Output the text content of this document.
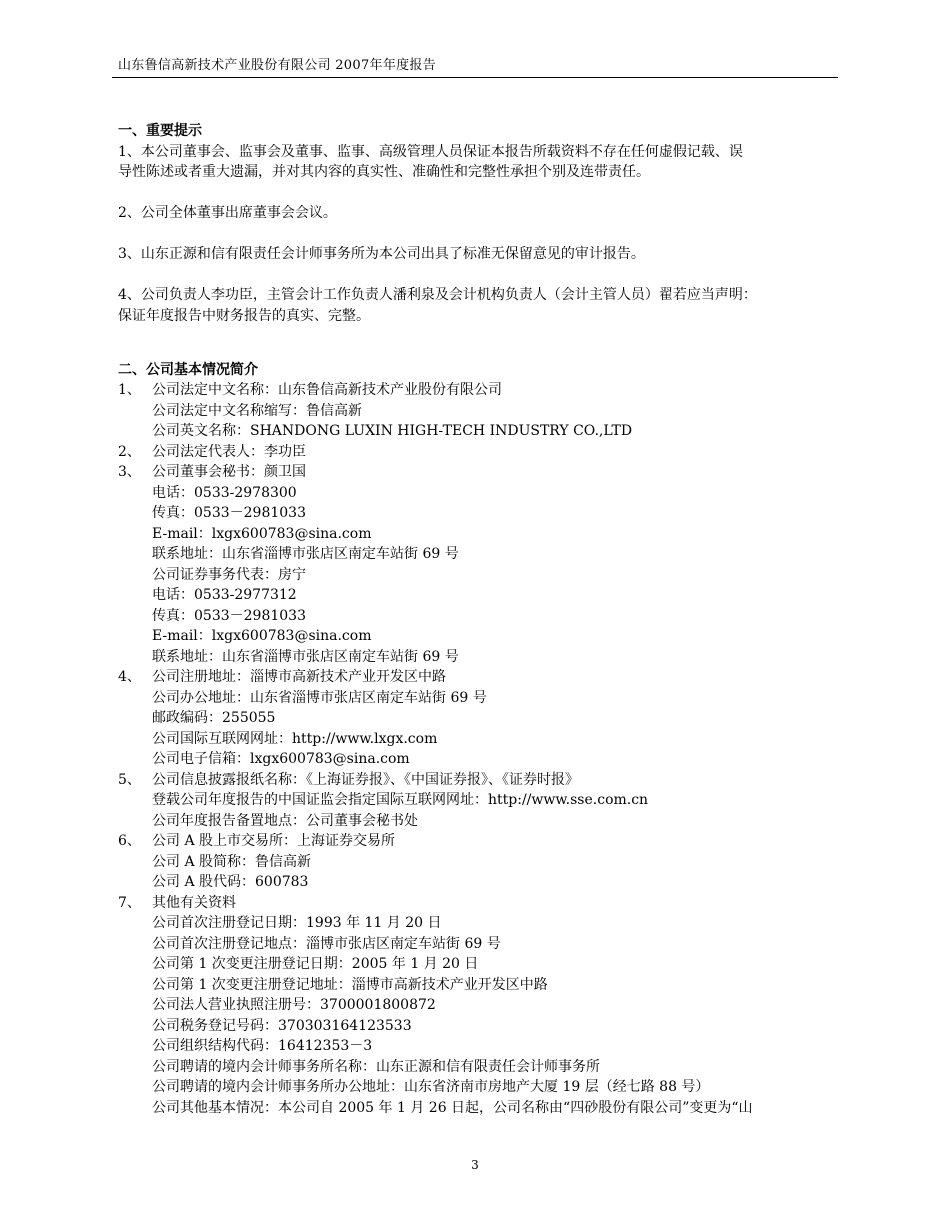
山东鲁信高新技术产业股份有限公司 2007年年度报告
一、重要提示
1、本公司董事会、监事会及董事、监事、高级管理人员保证本报告所载资料不存在任何虚假记载、误
导性陈述或者重大遗漏，并对其内容的真实性、准确性和完整性承担个别及连带责任。
2、公司全体董事出席董事会会议。
3、山东正源和信有限责任会计师事务所为本公司出具了标准无保留意见的审计报告。
4、公司负责人李功臣，主管会计工作负责人潘利泉及会计机构负责人（会计主管人员）翟若应当声明：
保证年度报告中财务报告的真实、完整。
二、公司基本情况简介
1、 公司法定中文名称：山东鲁信高新技术产业股份有限公司
公司法定中文名称缩写：鲁信高新
公司英文名称：SHANDONG LUXIN HIGH-TECH INDUSTRY CO.,LTD
2、 公司法定代表人：李功臣
3、 公司董事会秘书：颜卫国
电话：0533-2978300
传真：0533－2981033
E-mail：lxgx600783@sina.com
联系地址：山东省淄博市张店区南定车站街 69 号
公司证券事务代表：房宁
电话：0533-2977312
传真：0533－2981033
E-mail：lxgx600783@sina.com
联系地址：山东省淄博市张店区南定车站街 69 号
4、 公司注册地址：淄博市高新技术产业开发区中路
公司办公地址：山东省淄博市张店区南定车站街 69 号
邮政编码：255055
公司国际互联网网址：http://www.lxgx.com
公司电子信箱：lxgx600783@sina.com
5、 公司信息披露报纸名称：《上海证券报》、《中国证券报》、《证券时报》
登载公司年度报告的中国证监会指定国际互联网网址：http://www.sse.com.cn
公司年度报告备置地点：公司董事会秘书处
6、 公司 A 股上市交易所：上海证券交易所
公司 A 股简称：鲁信高新
公司 A 股代码：600783
7、 其他有关资料
公司首次注册登记日期：1993 年 11 月 20 日
公司首次注册登记地点：淄博市张店区南定车站街 69 号
公司第 1 次变更注册登记日期：2005 年 1 月 20 日
公司第 1 次变更注册登记地址：淄博市高新技术产业开发区中路
公司法人营业执照注册号：3700001800872
公司税务登记号码：370303164123533
公司组织结构代码：16412353－3
公司聘请的境内会计师事务所名称：山东正源和信有限责任会计师事务所
公司聘请的境内会计师事务所办公地址：山东省济南市房地产大厦 19 层（经七路 88 号）
公司其他基本情况：本公司自 2005 年 1 月 26 日起，公司名称由“四砂股份有限公司”变更为“山
3
